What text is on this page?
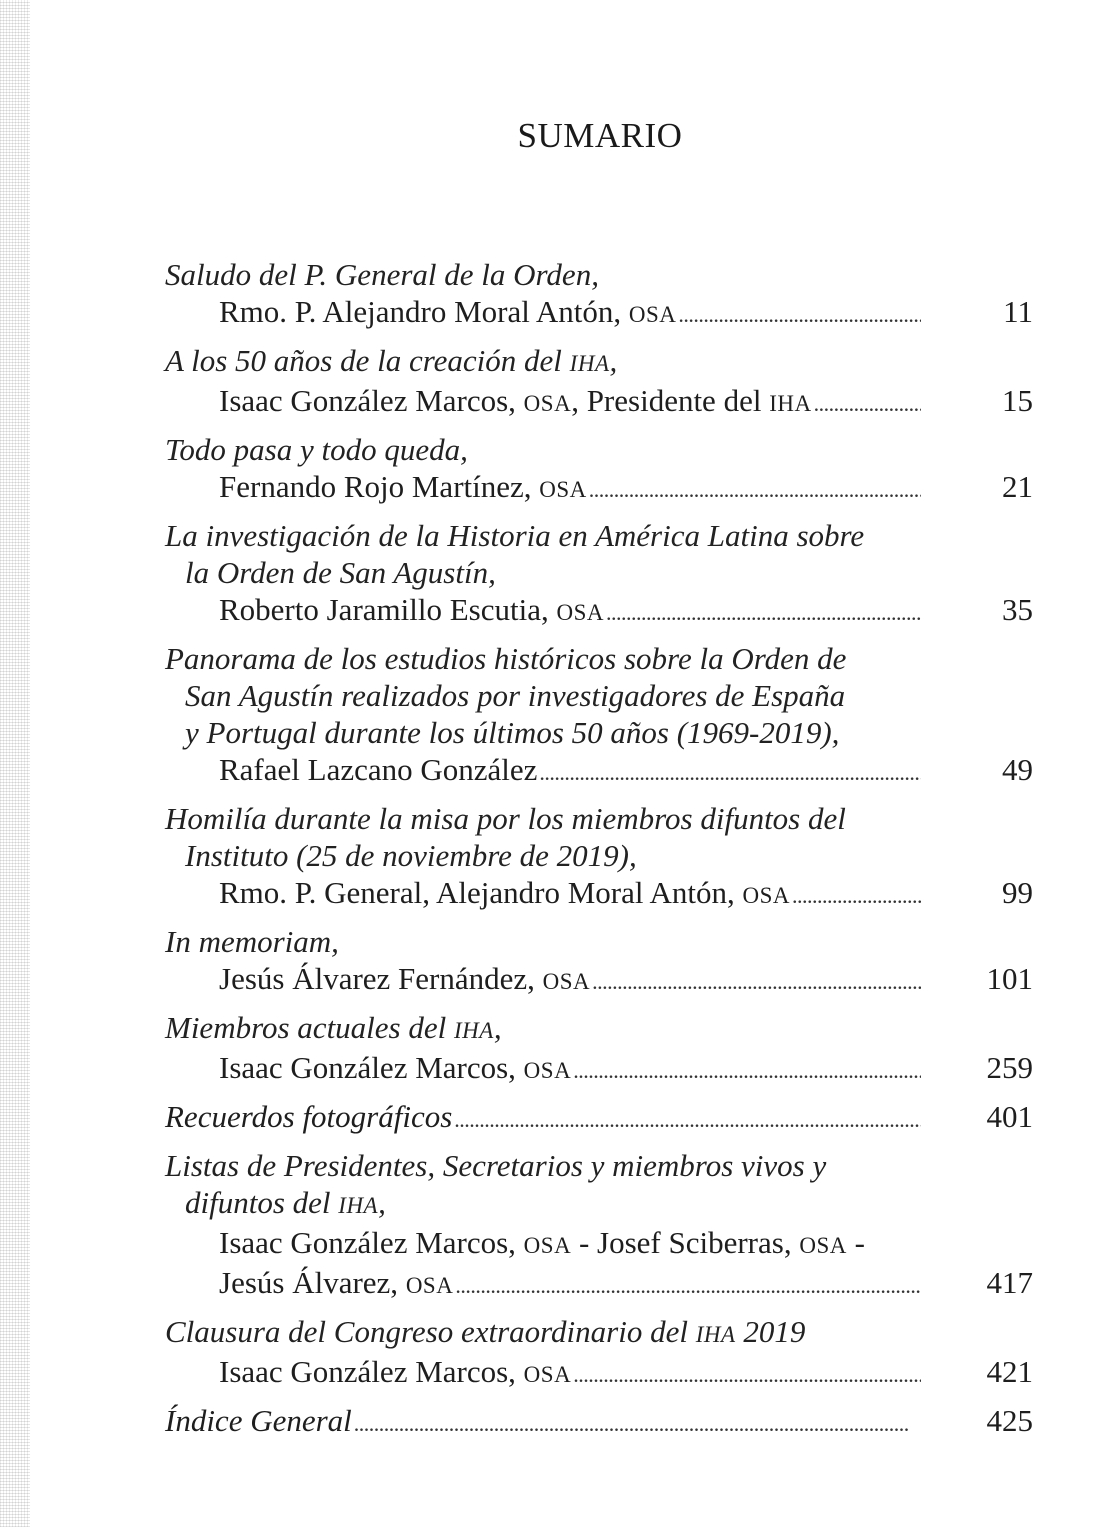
SUMARIO
Saludo del P. General de la Orden,
Rmo. P. Alejandro Moral Antón, OSA . . .	11
A los 50 años de la creación del IHA,
Isaac González Marcos, OSA, Presidente del IHA . . .	15
Todo pasa y todo queda,
Fernando Rojo Martínez, OSA . . .	21
La investigación de la Historia en América Latina sobre
la Orden de San Agustín,
Roberto Jaramillo Escutia, OSA . . .	35
Panorama de los estudios históricos sobre la Orden de
San Agustín realizados por investigadores de España
y Portugal durante los últimos 50 años (1969-2019),
Rafael Lazcano González . . .	49
Homilía durante la misa por los miembros difuntos del
Instituto (25 de noviembre de 2019),
Rmo. P. General, Alejandro Moral Antón, OSA . . .	99
In memoriam,
Jesús Álvarez Fernández, OSA . . .	101
Miembros actuales del IHA,
Isaac González Marcos, OSA . . .	259
Recuerdos fotográficos . . .	401
Listas de Presidentes, Secretarios y miembros vivos y
difuntos del IHA,
Isaac González Marcos, OSA - Josef Sciberras, OSA -
Jesús Álvarez, OSA . . .	417
Clausura del Congreso extraordinario del IHA 2019
Isaac González Marcos, OSA . . .	421
Índice General . . .	425
